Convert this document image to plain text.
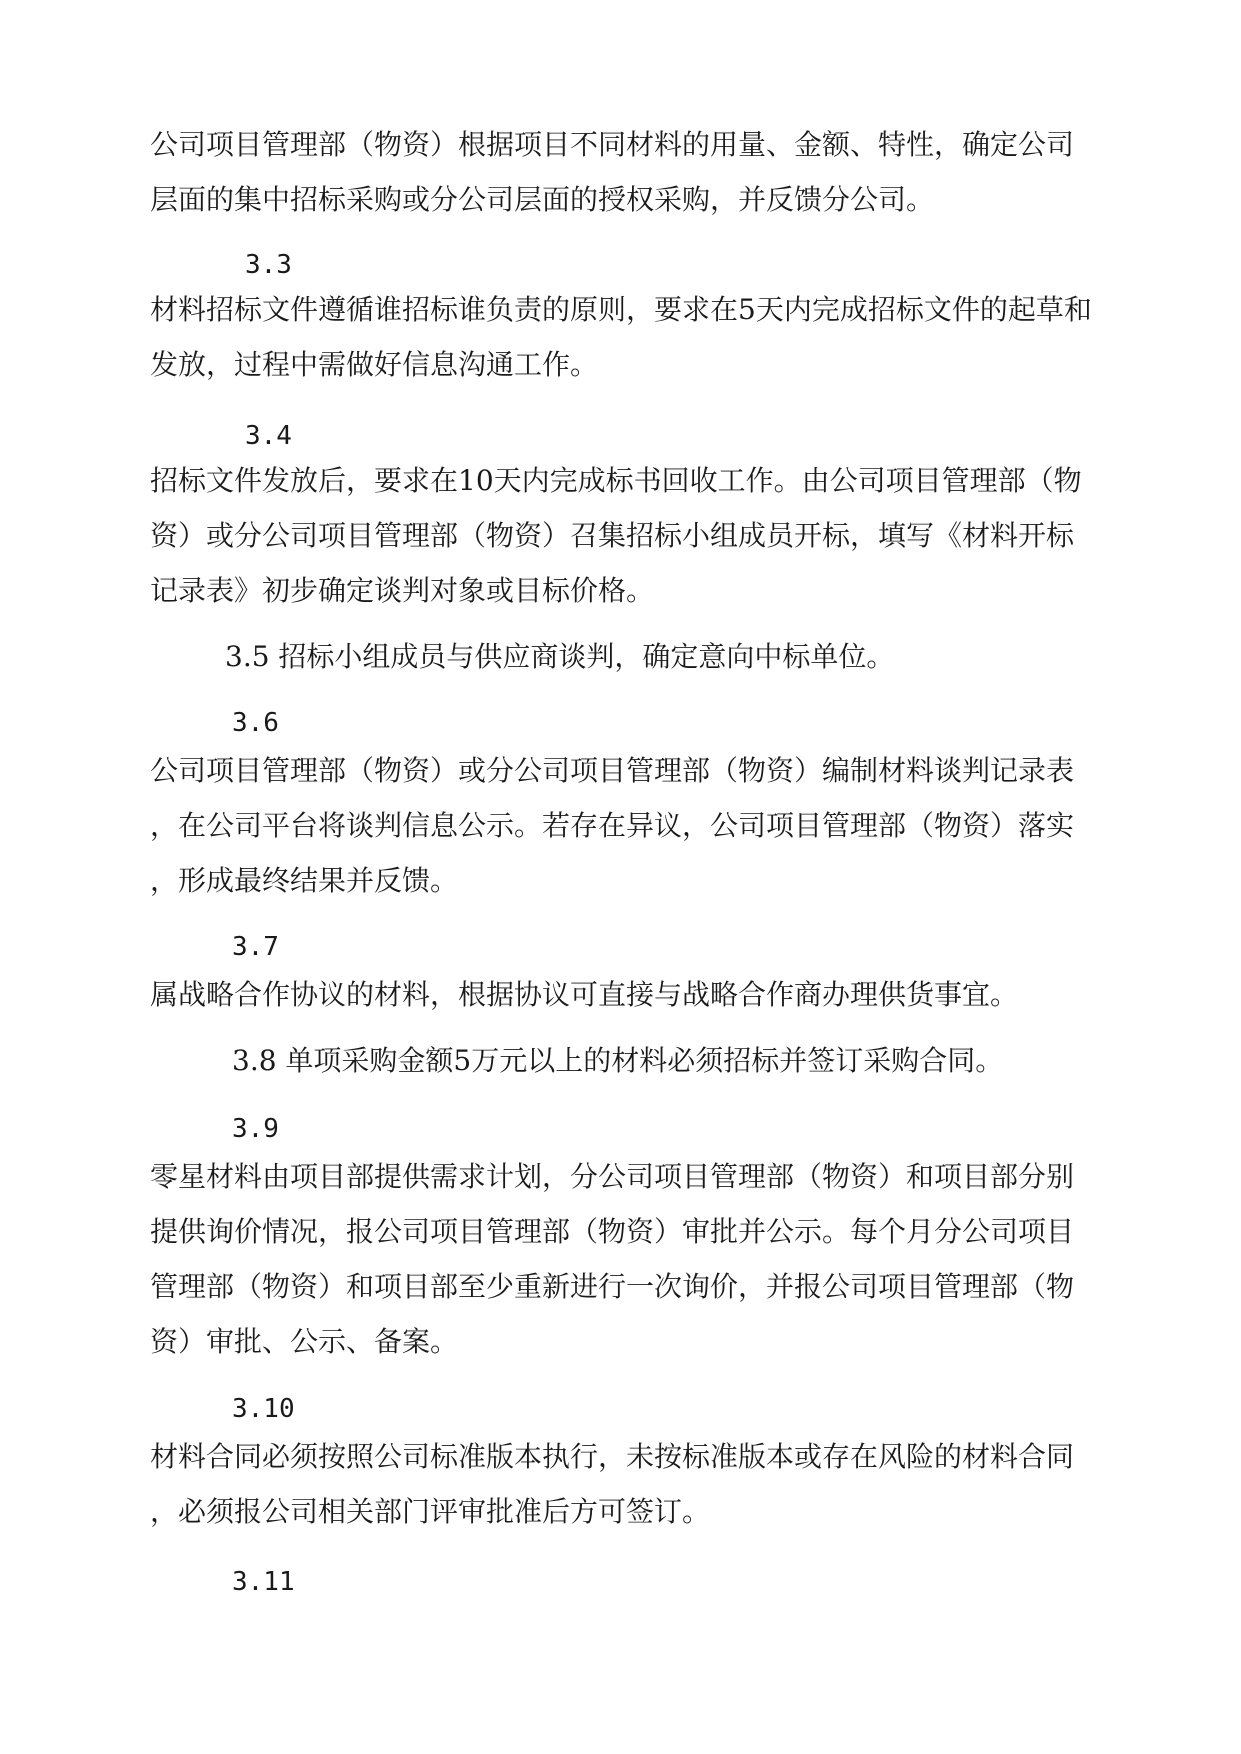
公司项目管理部（物资）根据项目不同材料的用量、金额、特性，确定公司
层面的集中招标采购或分公司层面的授权采购，并反馈分公司。
3.3
材料招标文件遵循谁招标谁负责的原则，要求在5天内完成招标文件的起草和
发放，过程中需做好信息沟通工作。
3.4
招标文件发放后，要求在10天内完成标书回收工作。由公司项目管理部（物
资）或分公司项目管理部（物资）召集招标小组成员开标，填写《材料开标
记录表》初步确定谈判对象或目标价格。
3.5 招标小组成员与供应商谈判，确定意向中标单位。
3.6
公司项目管理部（物资）或分公司项目管理部（物资）编制材料谈判记录表
，在公司平台将谈判信息公示。若存在异议，公司项目管理部（物资）落实
，形成最终结果并反馈。
3.7
属战略合作协议的材料，根据协议可直接与战略合作商办理供货事宜。
3.8 单项采购金额5万元以上的材料必须招标并签订采购合同。
3.9
零星材料由项目部提供需求计划，分公司项目管理部（物资）和项目部分别
提供询价情况，报公司项目管理部（物资）审批并公示。每个月分公司项目
管理部（物资）和项目部至少重新进行一次询价，并报公司项目管理部（物
资）审批、公示、备案。
3.10
材料合同必须按照公司标准版本执行，未按标准版本或存在风险的材料合同
，必须报公司相关部门评审批准后方可签订。
3.11
